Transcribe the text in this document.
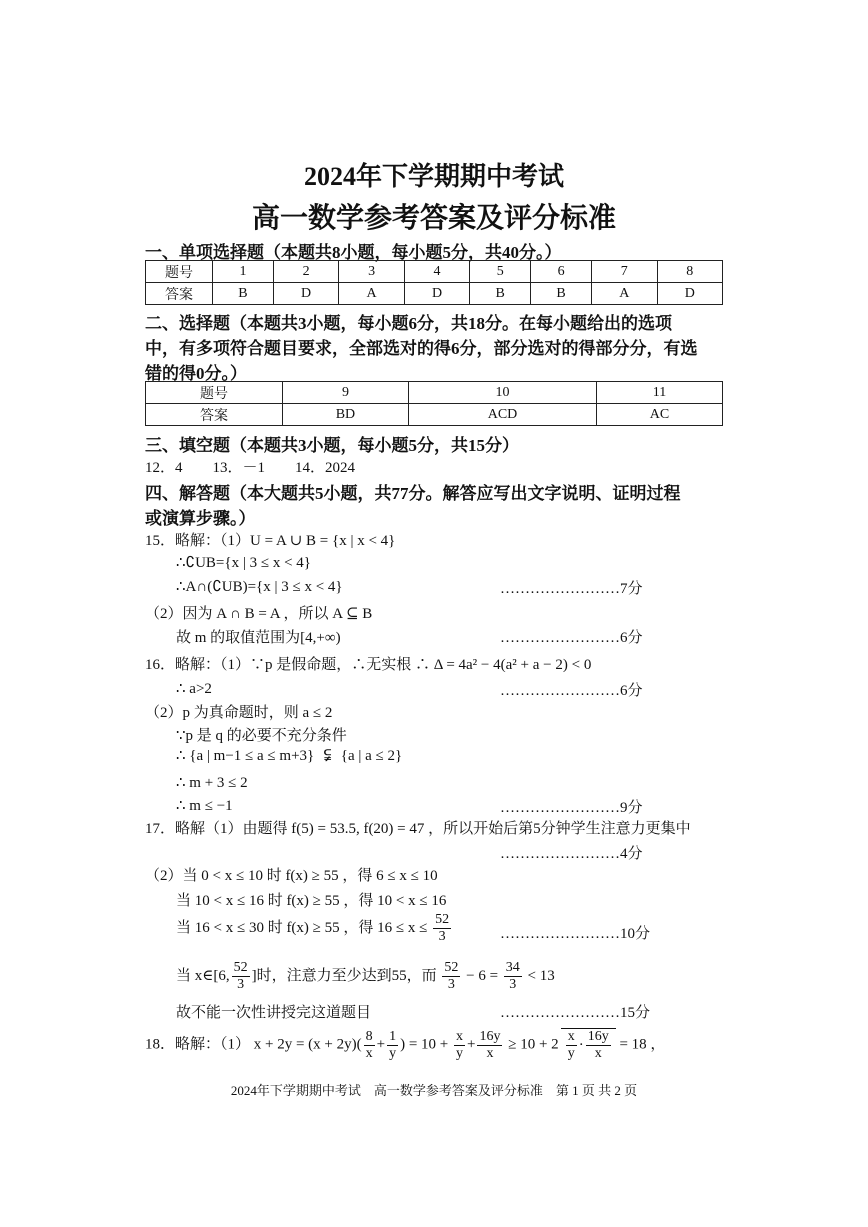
2024年下学期期中考试
高一数学参考答案及评分标准
一、单项选择题（本题共8小题，每小题5分，共40分。）
题号	1	2	3	4	5	6	7	8
答案	B	D	A	D	B	B	A	D
二、选择题（本题共3小题，每小题6分，共18分。在每小题给出的选项
中，有多项符合题目要求，全部选对的得6分，部分选对的得部分分，有选
错的得0分。）
题号	9	10	11
答案	BD	ACD	AC
三、填空题（本题共3小题，每小题5分，共15分）
12．4　　13．－1　　14．2024
四、解答题（本大题共5小题，共77分。解答应写出文字说明、证明过程
或演算步骤。）
15．略解：（1）U = A ∪ B = {x | x < 4}
∴∁UB={x | 3 ≤ x < 4}
∴A∩(∁UB)={x | 3 ≤ x < 4}	……………………7分
（2）因为 A ∩ B = A ，所以 A ⊆ B
故 m 的取值范围为[4,+∞)	……………………6分
16．略解：（1）∵p 是假命题，∴无实根 ∴ Δ = 4a² − 4(a² + a − 2) < 0
∴ a>2	……………………6分
（2）p 为真命题时，则 a ≤ 2
∵p 是 q 的必要不充分条件
∴ {a | m−1 ≤ a ≤ m+3} ⫋ {a | a ≤ 2}
∴ m + 3 ≤ 2
∴ m ≤ −1	……………………9分
17．略解（1）由题得 f(5) = 53.5, f(20) = 47 ，所以开始后第5分钟学生注意力更集中
……………………4分
（2）当 0 < x ≤ 10 时 f(x) ≥ 55 ，得 6 ≤ x ≤ 10
当 10 < x ≤ 16 时 f(x) ≥ 55 ，得 10 < x ≤ 16
当 16 < x ≤ 30 时 f(x) ≥ 55 ，得 $16 \le x \le \frac{52}{3}$	……………………10分
当 x∈[6, $\frac{52}{3}$ ]时，注意力至少达到55，而 $\frac{52}{3} - 6 = \frac{34}{3} < 13$
故不能一次性讲授完这道题目	……………………15分
18．略解：（1） $x + 2y = (x + 2y)( \frac{8}{x} + \frac{1}{y}$ ) = $10 + \frac{x}{y} + \frac{16y}{x} \ge 10 + 2 \frac{x}{y} \cdot \frac{16y}{x} = 18$ ，
2024年下学期期中考试　高一数学参考答案及评分标准　第 1 页 共 2 页
